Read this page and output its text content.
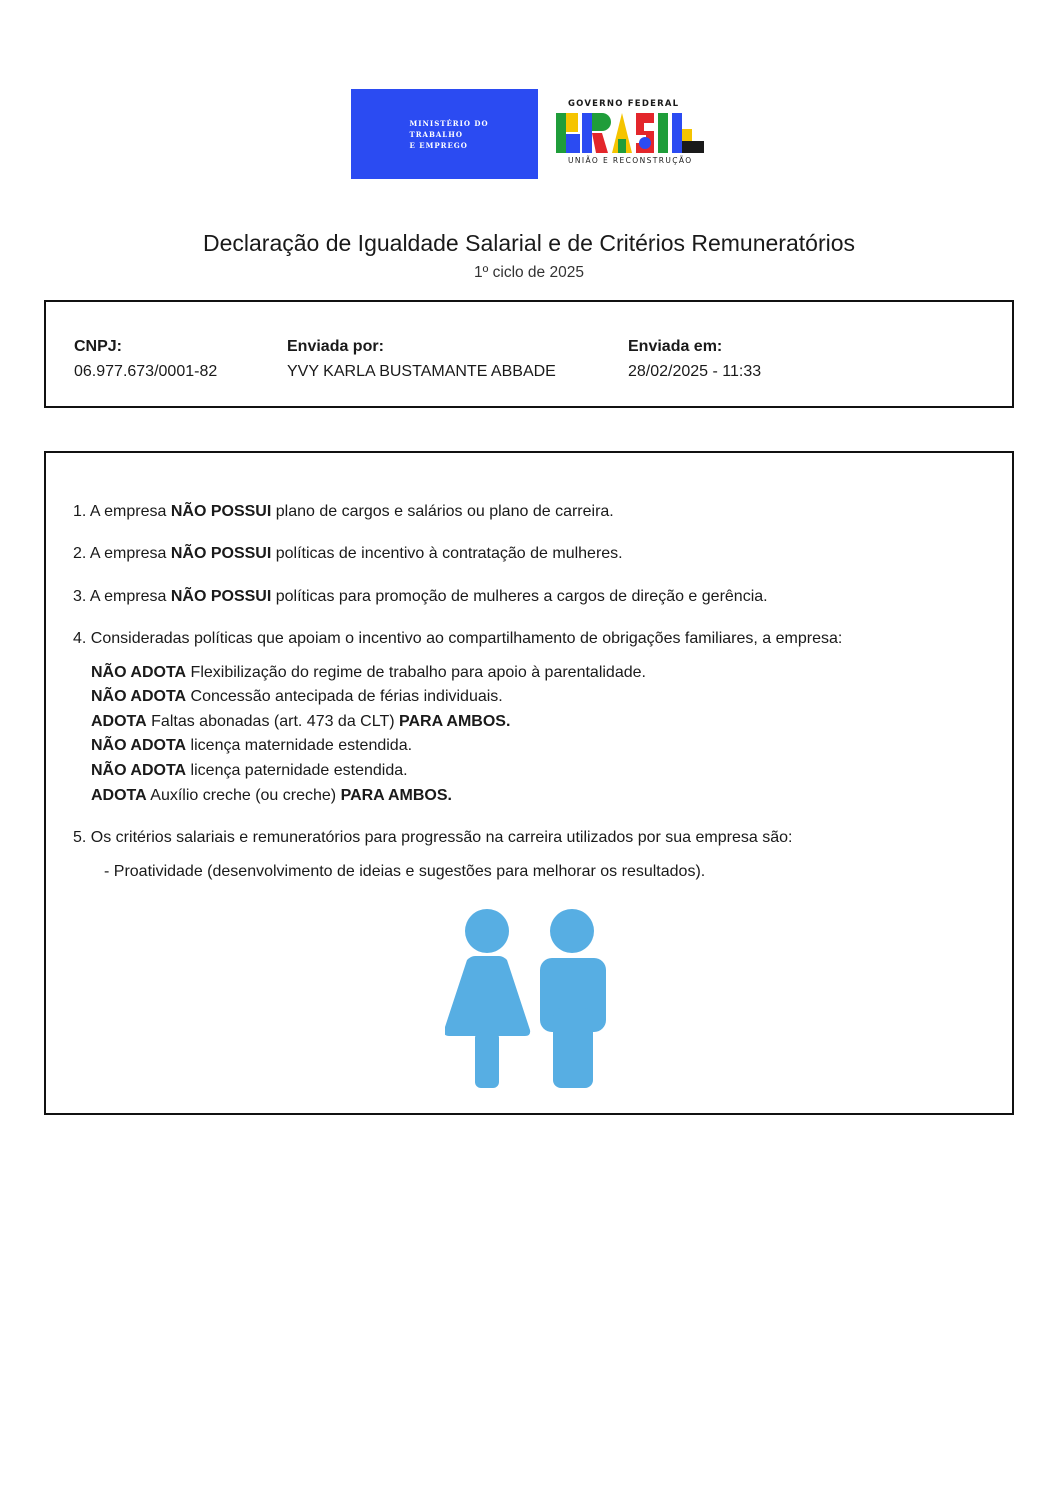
MINISTÉRIO DO
TRABALHO
E EMPREGO
GOVERNO FEDERAL
UNIÃO E RECONSTRUÇÃO
Declaração de Igualdade Salarial e de Critérios Remuneratórios
1º ciclo de 2025
CNPJ:
06.977.673/0001-82
Enviada por:
YVY KARLA BUSTAMANTE ABBADE
Enviada em:
28/02/2025 - 11:33
1. A empresa NÃO POSSUI plano de cargos e salários ou plano de carreira.
2. A empresa NÃO POSSUI políticas de incentivo à contratação de mulheres.
3. A empresa NÃO POSSUI políticas para promoção de mulheres a cargos de direção e gerência.
4. Consideradas políticas que apoiam o incentivo ao compartilhamento de obrigações familiares, a empresa:
NÃO ADOTA Flexibilização do regime de trabalho para apoio à parentalidade.
NÃO ADOTA Concessão antecipada de férias individuais.
ADOTA Faltas abonadas (art. 473 da CLT) PARA AMBOS.
NÃO ADOTA licença maternidade estendida.
NÃO ADOTA licença paternidade estendida.
ADOTA Auxílio creche (ou creche) PARA AMBOS.
5. Os critérios salariais e remuneratórios para progressão na carreira utilizados por sua empresa são:
- Proatividade (desenvolvimento de ideias e sugestões para melhorar os resultados).
